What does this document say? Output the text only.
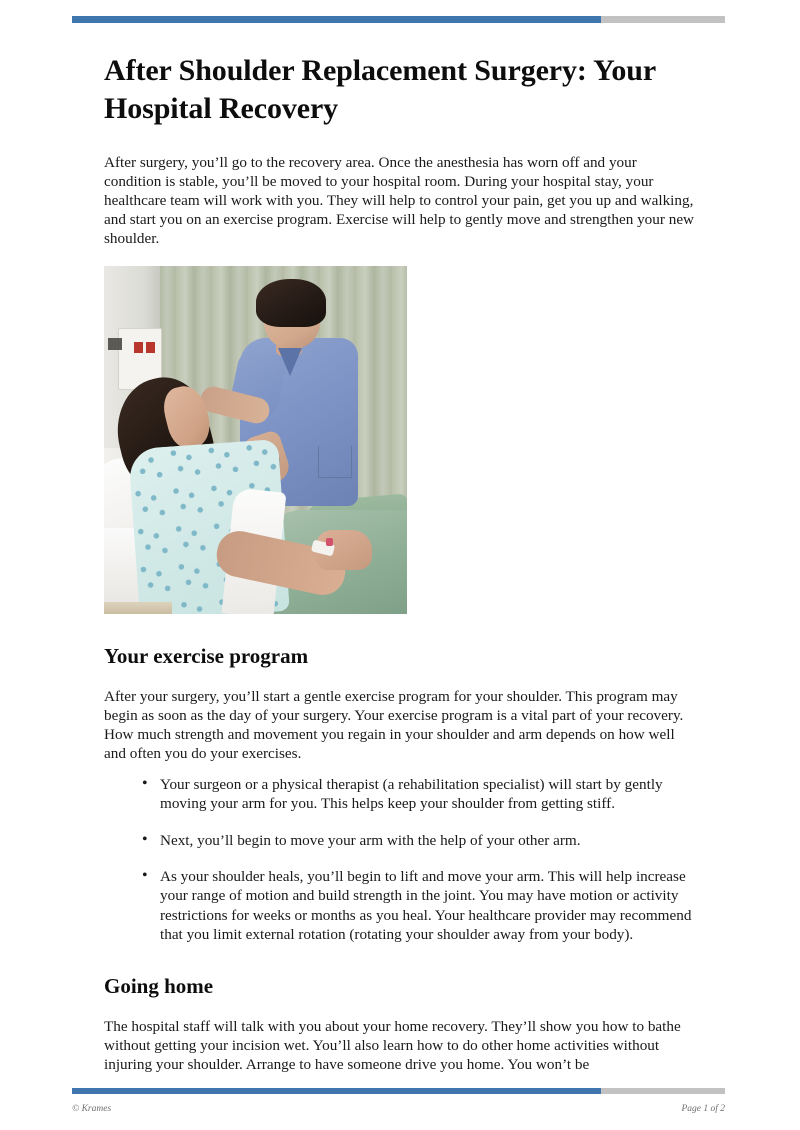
After Shoulder Replacement Surgery: Your Hospital Recovery

After surgery, you’ll go to the recovery area. Once the anesthesia has worn off and your condition is stable, you’ll be moved to your hospital room. During your hospital stay, your healthcare team will work with you. They will help to control your pain, get you up and walking, and start you on an exercise program. Exercise will help to gently move and strengthen your new shoulder.

Your exercise program

After your surgery, you’ll start a gentle exercise program for your shoulder. This program may begin as soon as the day of your surgery. Your exercise program is a vital part of your recovery. How much strength and movement you regain in your shoulder and arm depends on how well and often you do your exercises.

• Your surgeon or a physical therapist (a rehabilitation specialist) will start by gently moving your arm for you. This helps keep your shoulder from getting stiff.
• Next, you’ll begin to move your arm with the help of your other arm.
• As your shoulder heals, you’ll begin to lift and move your arm. This will help increase your range of motion and build strength in the joint. You may have motion or activity restrictions for weeks or months as you heal. Your healthcare provider may recommend that you limit external rotation (rotating your shoulder away from your body).
Going home

The hospital staff will talk with you about your home recovery. They’ll show you how to bathe without getting your incision wet. You’ll also learn how to do other home activities without injuring your shoulder. Arrange to have someone drive you home. You won’t be

© Krames	Page 1 of 2
